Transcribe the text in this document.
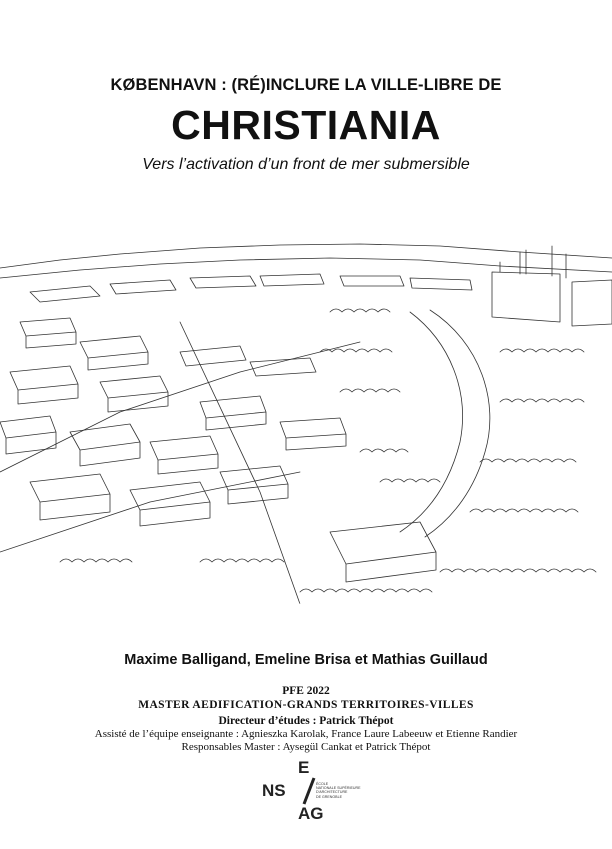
KØBENHAVN : (RÉ)INCLURE LA VILLE-LIBRE DE
CHRISTIANIA
Vers l’activation d’un front de mer submersible
Maxime Balligand, Emeline Brisa et Mathias Guillaud
PFE 2022
MASTER AEDIFICATION-GRANDS TERRITOIRES-VILLES
Directeur d’études : Patrick Thépot
Assisté de l’équipe enseignante : Agnieszka Karolak, France Laure Labeeuw et Etienne Randier
Responsables Master : Aysegül Cankat et Patrick Thépot
E
NS
AG
ÉCOLE
NATIONALE SUPÉRIEURE
D'ARCHITECTURE
DE GRENOBLE
